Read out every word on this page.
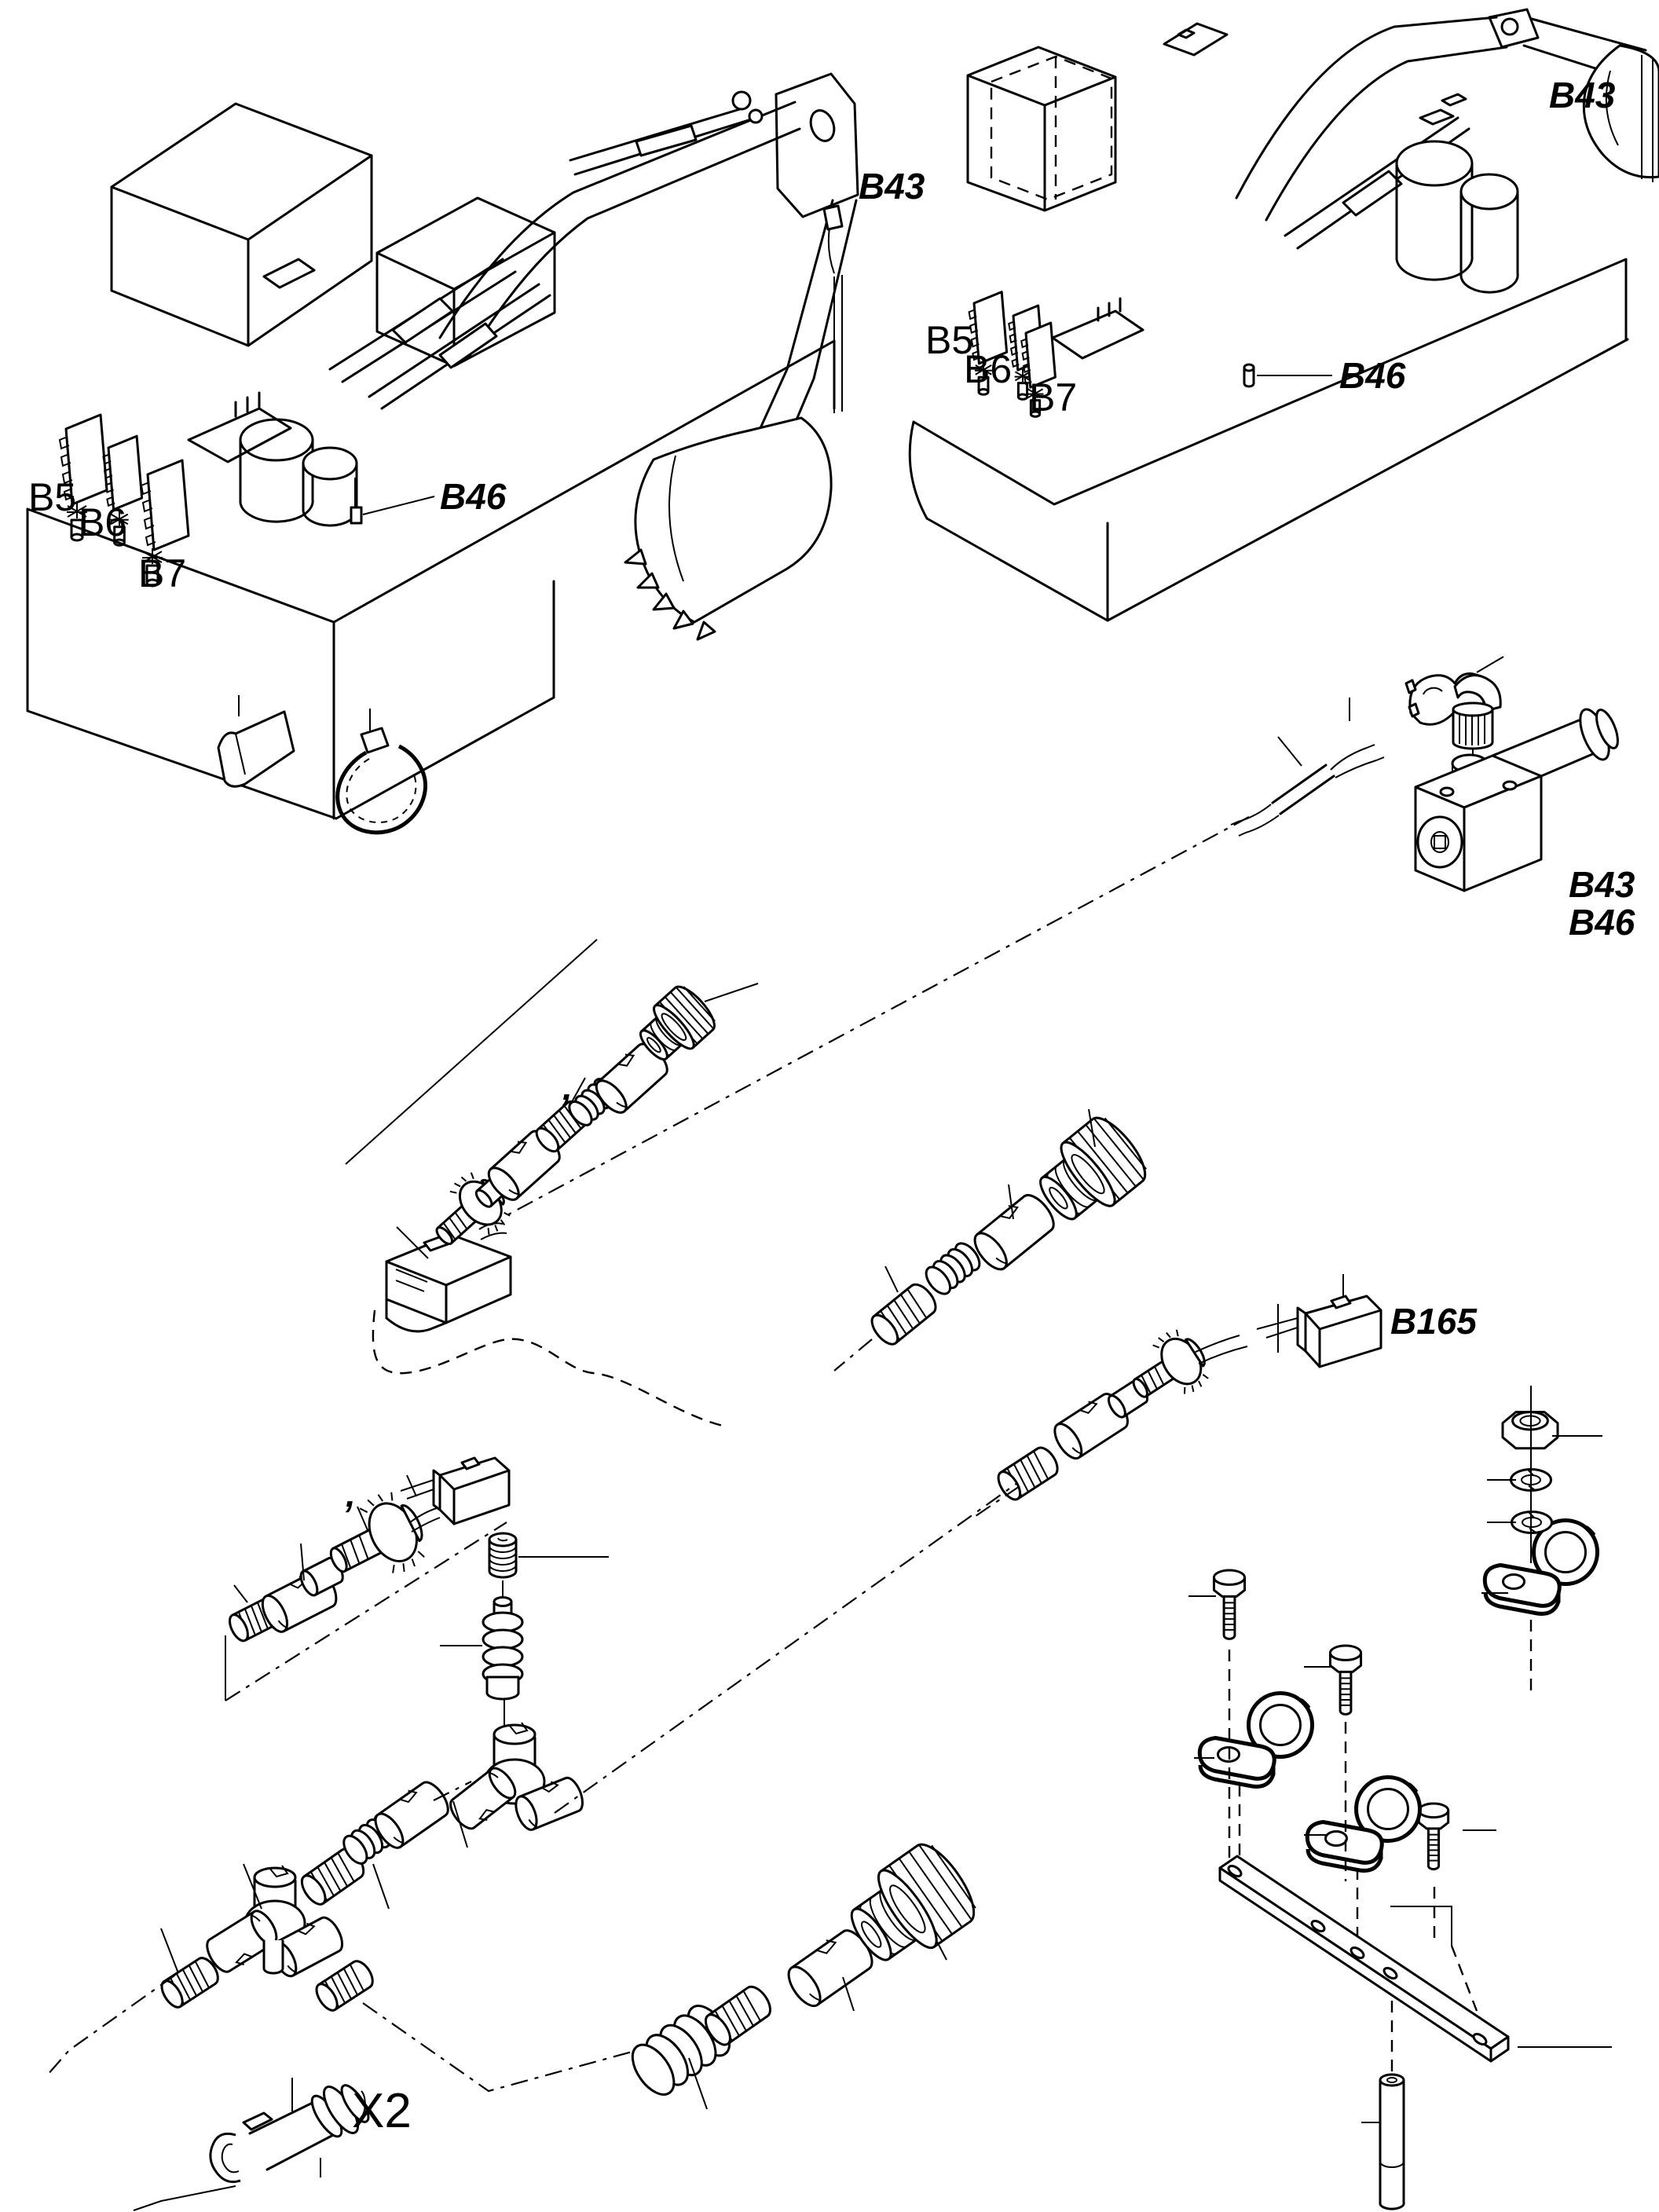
B5
B6
B7
B46
B43
B5
B6
B7	B46
B43
B43
B46
B165
X2
,
,
